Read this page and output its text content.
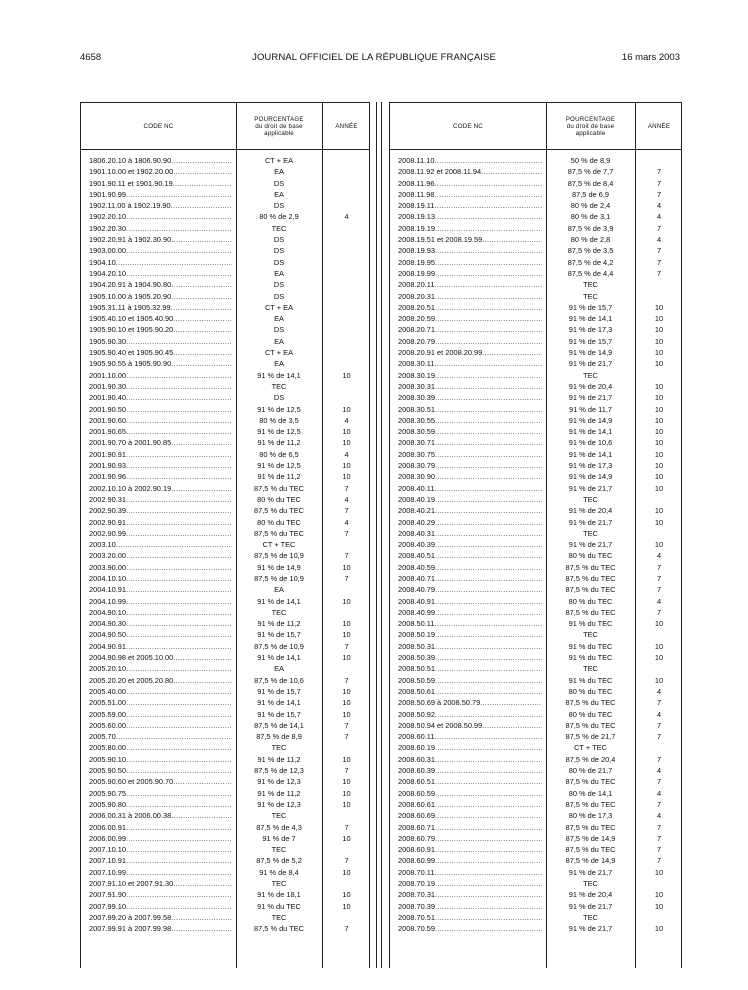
4658	JOURNAL OFFICIEL DE LA RÉPUBLIQUE FRANÇAISE	16 mars 2003
CODE NC
POURCENTAGE
du droit de base
applicable
ANNÉE
1806.20.10 à 1806.90.90 .....	CT + EA
1901.10.00 et 1902.20.00 .....	EA
1901.90.11 et 1901.90.19 .....	DS
1901.90.99 .....	EA
1902.11.00 à 1902.19.90 .....	DS
1902.20.10 .....	80 % de 2,9	4
1902.20.30 .....	TEC
1902.20.91 à 1902.30.90 .....	DS
1903.00.00 .....	DS
1904.10 .....	DS
1904.20.10 .....	EA
1904.20.91 à 1904.90.80 .....	DS
1905.10.00 à 1905.20.90 .....	DS
1905.31.11 à 1905.32.99 .....	CT + EA
1905.40.10 et 1905.40.90 .....	EA
1905.90.10 et 1905.90.20 .....	DS
1905.90.30 .....	EA
1905.90.40 et 1905.90.45 .....	CT + EA
1905.90.55 à 1905.90.90 .....	EA
2001.10.00 .....	91 % de 14,1	10
2001.90.30 .....	TEC
2001.90.40 .....	DS
2001.90.50 .....	91 % de 12,5	10
2001.90.60 .....	80 % de 3,5	4
2001.90.65 .....	91 % de 12,5	10
2001.90.70 à 2001.90.85 .....	91 % de 11,2	10
2001.90.91 .....	80 % de 6,5	4
2001.90.93 .....	91 % de 12,5	10
2001.90.96 .....	91 % de 11,2	10
2002.10.10 à 2002.90.19 .....	87,5 % du TEC	7
2002.90.31 .....	80 % du TEC	4
2002.90.39 .....	87,5 % du TEC	7
2002.90.91 .....	80 % du TEC	4
2002.90.99 .....	87,5 % du TEC	7
2003.10 .....	CT + TEC
2003.20.00 .....	87,5 % de 10,9	7
2003.90.00 .....	91 % de 14,9	10
2004.10.10 .....	87,5 % de 10,9	7
2004.10.91 .....	EA
2004.10.99 .....	91 % de 14,1	10
2004.90.10 .....	TEC
2004.90.30 .....	91 % de 11,2	10
2004.90.50 .....	91 % de 15,7	10
2004.90.91 .....	87,5 % de 10,9	7
2004.90.98 et 2005.10.00 .....	91 % de 14,1	10
2005.20.10 .....	EA
2005.20.20 et 2005.20.80 .....	87,5 % de 10,6	7
2005.40.00 .....	91 % de 15,7	10
2005.51.00 .....	91 % de 14,1	10
2005.59.00 .....	91 % de 15,7	10
2005.60.00 .....	87,5 % de 14,1	7
2005.70 .....	87,5 % de 8,9	7
2005.80.00 .....	TEC
2005.90.10 .....	91 % de 11,2	10
2005.90.50 .....	87,5 % de 12,3	7
2005.90.60 et 2005.90.70 .....	91 % de 12,3	10
2005.90.75 .....	91 % de 11,2	10
2005.90.80 .....	91 % de 12,3	10
2006.00.31 à 2006.00.38 .....	TEC
2006.00.91 .....	87,5 % de 4,3	7
2006.00.99 .....	91 % de 7	10
2007.10.10 .....	TEC
2007.10.91 .....	87,5 % de 5,2	7
2007.10.99 .....	91 % de 8,4	10
2007.91.10 et 2007.91.30 .....	TEC
2007.91.90 .....	91 % de 18,1	10
2007.99.10 .....	91 % du TEC	10
2007.99.20 à 2007.99.58 .....	TEC
2007.99.91 à 2007.99.98 .....	87,5 % du TEC	7
CODE NC
POURCENTAGE
du droit de base
applicable
ANNÉE
2008.11.10 .....	50 % de 8,9
2008.11.92 et 2008.11.94 .....	87,5 % de 7,7	7
2008.11.96 .....	87,5 % de 8,4	7
2008.11.98 .....	87,5 de 6,9	7
2008.19.11 .....	80 % de 2,4	4
2008.19.13 .....	80 % de 3,1	4
2008.19.19 .....	87,5 % de 3,9	7
2008.19.51 et 2008.19.59 .....	80 % de 2,8	4
2008.19.93 .....	87,5 % de 3,5	7
2008.19.95 .....	87,5 % de 4,2	7
2008.19.99 .....	87,5 % de 4,4	7
2008.20.11 .....	TEC
2008.20.31 .....	TEC
2008.20.51 .....	91 % de 15,7	10
2008.20.59 .....	91 % de 14,1	10
2008.20.71 .....	91 % de 17,3	10
2008.20.79 .....	91 % de 15,7	10
2008.20.91 et 2008.20.99 .....	91 % de 14,9	10
2008.30.11 .....	91 % de 21,7	10
2008.30.19 .....	TEC
2008.30.31 .....	91 % de 20,4	10
2008.30.39 .....	91 % de 21,7	10
2008.30.51 .....	91 % de 11,7	10
2008.30.55 .....	91 % de 14,9	10
2008.30.59 .....	91 % de 14,1	10
2008.30.71 .....	91 % de 10,6	10
2008.30.75 .....	91 % de 14,1	10
2008.30.79 .....	91 % de 17,3	10
2008.30.90 .....	91 % de 14,9	10
2008.40.11 .....	91 % de 21,7	10
2008.40.19 .....	TEC
2008.40.21 .....	91 % de 20,4	10
2008.40.29 .....	91 % de 21,7	10
2008.40.31 .....	TEC
2008.40.39 .....	91 % de 21,7	10
2008.40.51 .....	80 % du TEC	4
2008.40.59 .....	87,5 % du TEC	7
2008.40.71 .....	87,5 % du TEC	7
2008.40.79 .....	87,5 % du TEC	7
2008.40.91 .....	80 % du TEC	4
2008.40.99 .....	87,5 % du TEC	7
2008.50.11 .....	91 % du TEC	10
2008.50.19 .....	TEC
2008.50.31 .....	91 % du TEC	10
2008.50.39 .....	91 % du TEC	10
2008.50.51 .....	TEC
2008.50.59 .....	91 % du TEC	10
2008.50.61 .....	80 % du TEC	4
2008.50.69 à 2008.50.79 .....	87,5 % du TEC	7
2008.50.92 .....	80 % du TEC	4
2008.50.94 et 2008.50.99 .....	87,5 % du TEC	7
2008.60.11 .....	87,5 % de 21,7	7
2008.60.19 .....	CT + TEC
2008.60.31 .....	87,5 % de 20,4	7
2008.60.39 .....	80 % de 21,7	4
2008.60.51 .....	87,5 % du TEC	7
2008.60.59 .....	80 % de 14,1	4
2008.60.61 .....	87,5 % du TEC	7
2008.60.69 .....	80 % de 17,3	4
2008.60.71 .....	87,5 % du TEC	7
2008.60.79 .....	87,5 % de 14,9	7
2008.60.91 .....	87,5 % du TEC	7
2008.60.99 .....	87,5 % de 14,9	7
2008.70.11 .....	91 % de 21,7	10
2008.70.19 .....	TEC
2008.70.31 .....	91 % de 20,4	10
2008.70.39 .....	91 % de 21,7	10
2008.70.51 .....	TEC
2008.70.59 .....	91 % de 21,7	10
